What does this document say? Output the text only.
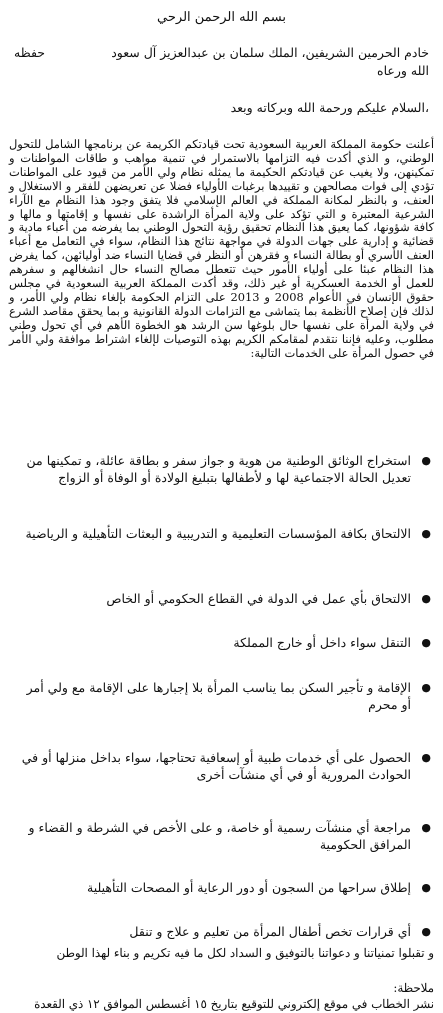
بسم الله الرحمن الرحي
خادم الحرمين الشريفين، الملك سلمان بن عبدالعزيز آل سعود
حفظه

الله ورعاه
،السلام عليكم ورحمة الله وبركاته وبعد
أعلنت حكومة المملكة العربية السعودية تحت قيادتكم الكريمة عن برنامجها الشامل للتحول الوطني، و الذي أكدت فيه التزامها بالاستمرار في تنمية مواهب و طاقات المواطنات و تمكينهن، ولا يغيب عن قيادتكم الحكيمة ما يمثله نظام ولي الأمر من قيود على المواطنات تؤدي إلى فوات مصالحهن و تقييدها برغبات الأولياء فضلا عن تعريضهن للفقر و الاستغلال و العنف، و بالنظر لمكانة المملكة في العالم الإسلامي فلا يتفق وجود هذا النظام مع الآراء الشرعية المعتبرة و التي تؤكد على ولاية المرأة الراشدة على نفسها و إقامتها و مالها و كافة شؤونها، كما يعيق هذا النظام تحقيق رؤية التحول الوطني بما يفرضه من أعباء مادية و قضائية و إدارية على جهات الدولة في مواجهة نتائج هذا النظام، سواء في التعامل مع أعباء العنف الأسري أو بطالة النساء و فقرهن أو النظر في قضايا النساء ضد أوليائهن، كما يفرض هذا النظام عبئا على أولياء الأمور حيث تتعطل مصالح النساء حال انشغالهم و سفرهم للعمل أو الخدمة العسكرية أو غير ذلك، وقد أكدت المملكة العربية السعودية في مجلس حقوق الإنسان في الأعوام 2008 و 2013 على التزام الحكومة بإلغاء نظام ولي الأمر، و لذلك فإن إصلاح الأنظمة بما يتماشى مع التزامات الدولة القانونية و بما يحقق مقاصد الشرع في ولاية المرأة على نفسها حال بلوغها سن الرشد هو الخطوة الأهم في أي تحول وطني مطلوب، وعليه فإننا نتقدم لمقامكم الكريم بهذه التوصيات لإلغاء اشتراط موافقة ولي الأمر في حصول المرأة على الخدمات التالية:
●
استخراج الوثائق الوطنية من هوية و جواز سفر و بطاقة عائلة، و تمكينها من تعديل الحالة الاجتماعية لها و لأطفالها بتبليغ الولادة أو الوفاة أو الزواج
●
الالتحاق بكافة المؤسسات التعليمية و التدريبية و البعثات التأهيلية و الرياضية
●
الالتحاق بأي عمل في الدولة في القطاع الحكومي أو الخاص
●
التنقل سواء داخل أو خارج المملكة
●
الإقامة و تأجير السكن بما يناسب المرأة بلا إجبارها على الإقامة مع ولي أمر أو محرم
●
الحصول على أي خدمات طبية أو إسعافية تحتاجها، سواء بداخل منزلها أو في الحوادث المرورية أو في أي منشآت أخرى
●
مراجعة أي منشآت رسمية أو خاصة، و على الأخص في الشرطة و القضاء و المرافق الحكومية
●
إطلاق سراحها من السجون أو دور الرعاية أو المصحات التأهيلية
●
أي قرارات تخص أطفال المرأة من تعليم و علاج و تنقل
و تقبلوا تمنياتنا و دعواتنا بالتوفيق و السداد لكل ما فيه تكريم و بناء لهذا الوطن
ملاحظة:
نشر الخطاب في موقع إلكتروني للتوقيع بتاريخ ١٥ أغسطس الموافق ١٢ ذي القعدة
